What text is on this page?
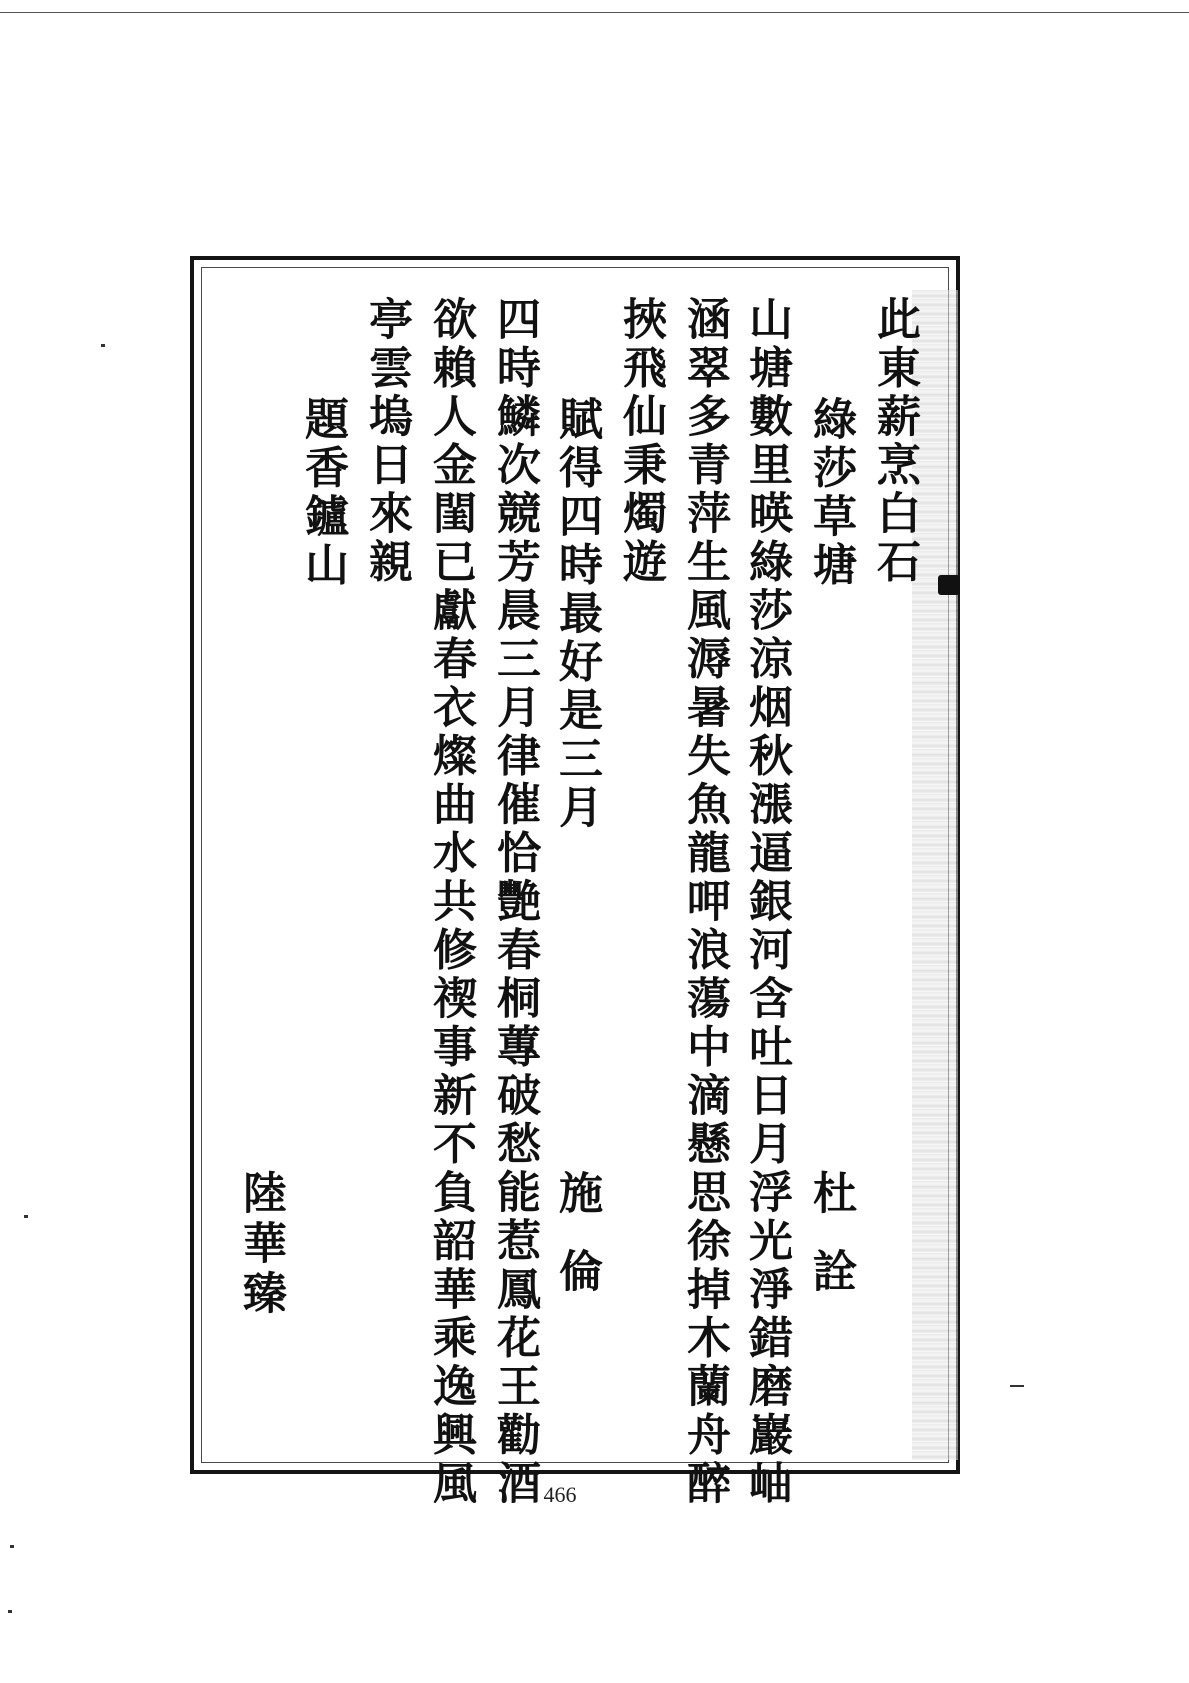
此東薪烹白石
綠莎草塘
山塘數里暎綠莎涼烟秋漲逼銀河含吐日月浮光淨錯磨巖岫
涵翠多青萍生風溽暑失魚龍呷浪蕩中滴懸思徐掉木蘭舟醉
挾飛仙秉燭遊
賦得四時最好是三月
四時鱗次競芳晨三月律催恰艷春桐蓴破愁能惹鳳花王勸酒
欲賴人金閨已獻春衣燦曲水共修禊事新不負韶華乘逸興風
亭雲塢日來親
題香鑪山
杜詮
施倫
陸華臻
466
